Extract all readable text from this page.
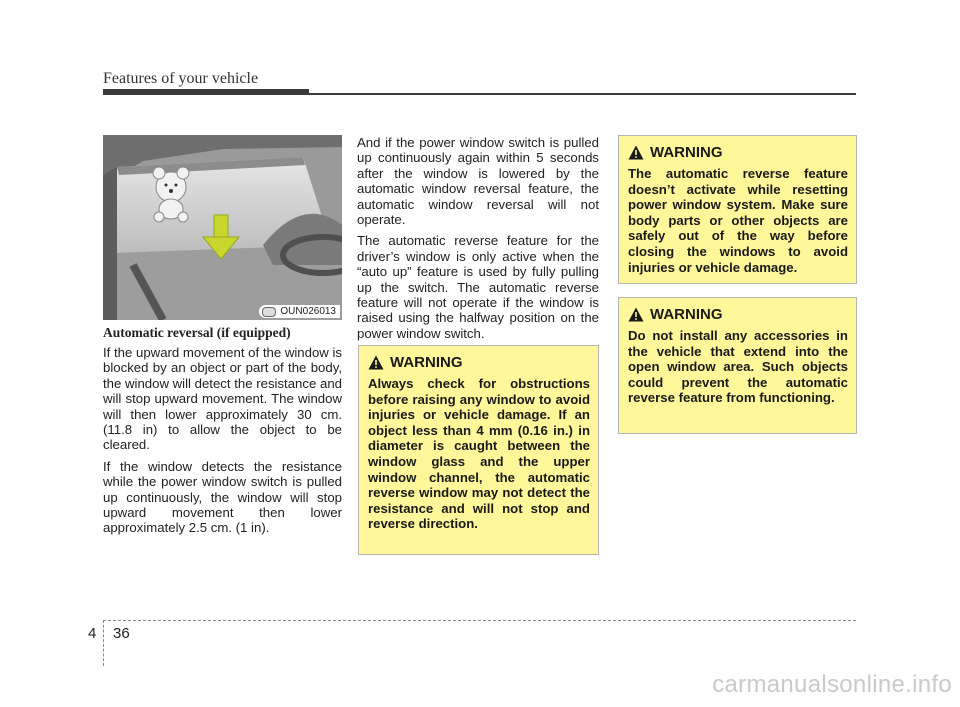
Features of your vehicle
OUN026013
Automatic reversal (if equipped)

If the upward movement of the window is blocked by an object or part of the body, the window will detect the resistance and will stop upward movement. The window will then lower approximately 30 cm. (11.8 in) to allow the object to be cleared.

If the window detects the resistance while the power window switch is pulled up continuously, the window will stop upward movement then lower approximately 2.5 cm. (1 in).

And if the power window switch is pulled up continuously again within 5 seconds after the window is lowered by the automatic window reversal feature, the automatic window reversal will not operate.

The automatic reverse feature for the driver’s window is only active when the “auto up” feature is used by fully pulling up the switch. The automatic reverse feature will not operate if the window is raised using the halfway position on the power window switch.

WARNING
Always check for obstructions before raising any window to avoid injuries or vehicle damage. If an object less than 4 mm (0.16 in.) in diameter is caught between the window glass and the upper window channel, the automatic reverse window may not detect the resistance and will not stop and reverse direction.
WARNING
The automatic reverse feature doesn’t activate while resetting power window system. Make sure body parts or other objects are safely out of the way before closing the windows to avoid injuries or vehicle damage.
WARNING
Do not install any accessories in the vehicle that extend into the open window area. Such objects could prevent the automatic reverse feature from functioning.
4 36
carmanualsonline.info
